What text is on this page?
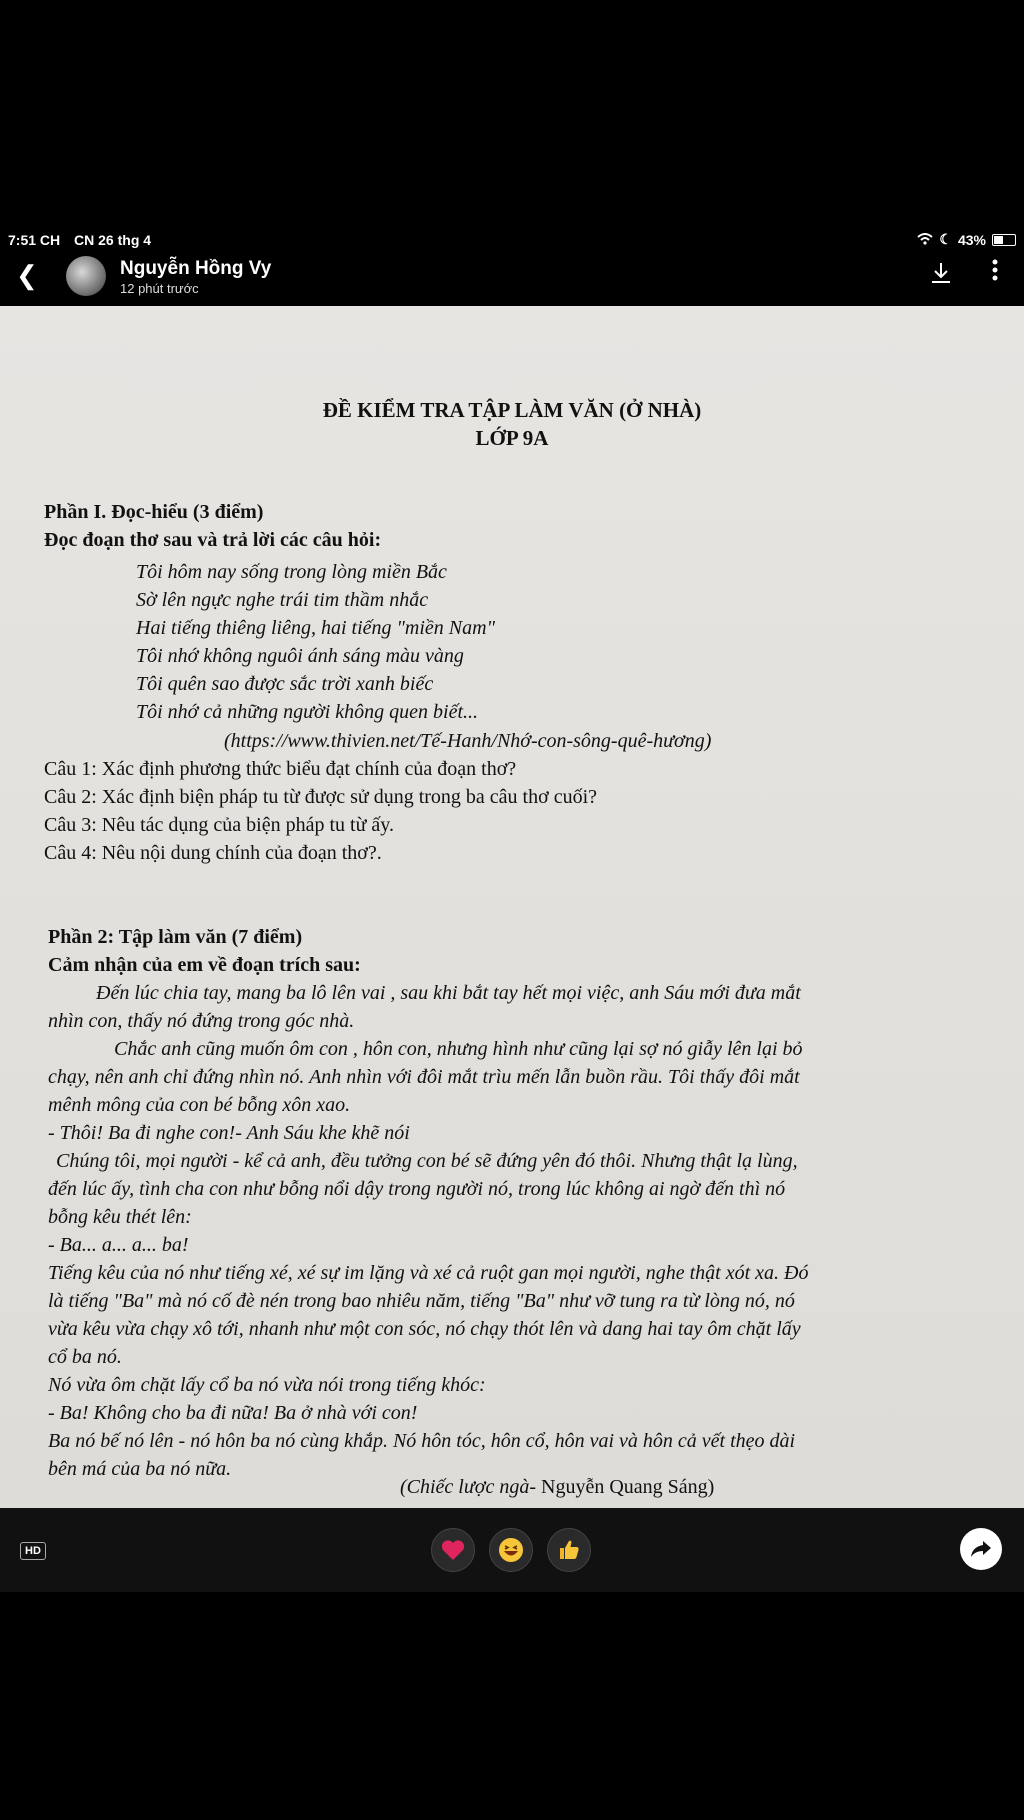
7:51 CH CN 26 thg 4	☾ 43%
❮	Nguyễn Hồng Vy
12 phút trước
ĐỀ KIỂM TRA TẬP LÀM VĂN (Ở NHÀ)
LỚP 9A
Phần I. Đọc-hiểu (3 điểm)
Đọc đoạn thơ sau và trả lời các câu hỏi:
Tôi hôm nay sống trong lòng miền Bắc
Sờ lên ngực nghe trái tim thầm nhắc
Hai tiếng thiêng liêng, hai tiếng "miền Nam"
Tôi nhớ không nguôi ánh sáng màu vàng
Tôi quên sao được sắc trời xanh biếc
Tôi nhớ cả những người không quen biết...
(https://www.thivien.net/Tế-Hanh/Nhớ-con-sông-quê-hương)
Câu 1: Xác định phương thức biểu đạt chính của đoạn thơ?
Câu 2: Xác định biện pháp tu từ được sử dụng trong ba câu thơ cuối?
Câu 3: Nêu tác dụng của biện pháp tu từ ấy.
Câu 4: Nêu nội dung chính của đoạn thơ?.
Phần 2: Tập làm văn (7 điểm)
Cảm nhận của em về đoạn trích sau:
Đến lúc chia tay, mang ba lô lên vai , sau khi bắt tay hết mọi việc, anh Sáu mới đưa mắt
nhìn con, thấy nó đứng trong góc nhà.
Chắc anh cũng muốn ôm con , hôn con, nhưng hình như cũng lại sợ nó giẫy lên lại bỏ
chạy, nên anh chỉ đứng nhìn nó. Anh nhìn với đôi mắt trìu mến lẫn buồn rầu. Tôi thấy đôi mắt
mênh mông của con bé bỗng xôn xao.
- Thôi! Ba đi nghe con!- Anh Sáu khe khẽ nói
Chúng tôi, mọi người - kể cả anh, đều tưởng con bé sẽ đứng yên đó thôi. Nhưng thật lạ lùng,
đến lúc ấy, tình cha con như bỗng nổi dậy trong người nó, trong lúc không ai ngờ đến thì nó
bỗng kêu thét lên:
- Ba... a... a... ba!
Tiếng kêu của nó như tiếng xé, xé sự im lặng và xé cả ruột gan mọi người, nghe thật xót xa. Đó
là tiếng "Ba" mà nó cố đè nén trong bao nhiêu năm, tiếng "Ba" như vỡ tung ra từ lòng nó, nó
vừa kêu vừa chạy xô tới, nhanh như một con sóc, nó chạy thót lên và dang hai tay ôm chặt lấy
cổ ba nó.
Nó vừa ôm chặt lấy cổ ba nó vừa nói trong tiếng khóc:
- Ba! Không cho ba đi nữa! Ba ở nhà với con!
Ba nó bế nó lên - nó hôn ba nó cùng khắp. Nó hôn tóc, hôn cổ, hôn vai và hôn cả vết thẹo dài
bên má của ba nó nữa.
(Chiếc lược ngà- Nguyễn Quang Sáng)
HD
